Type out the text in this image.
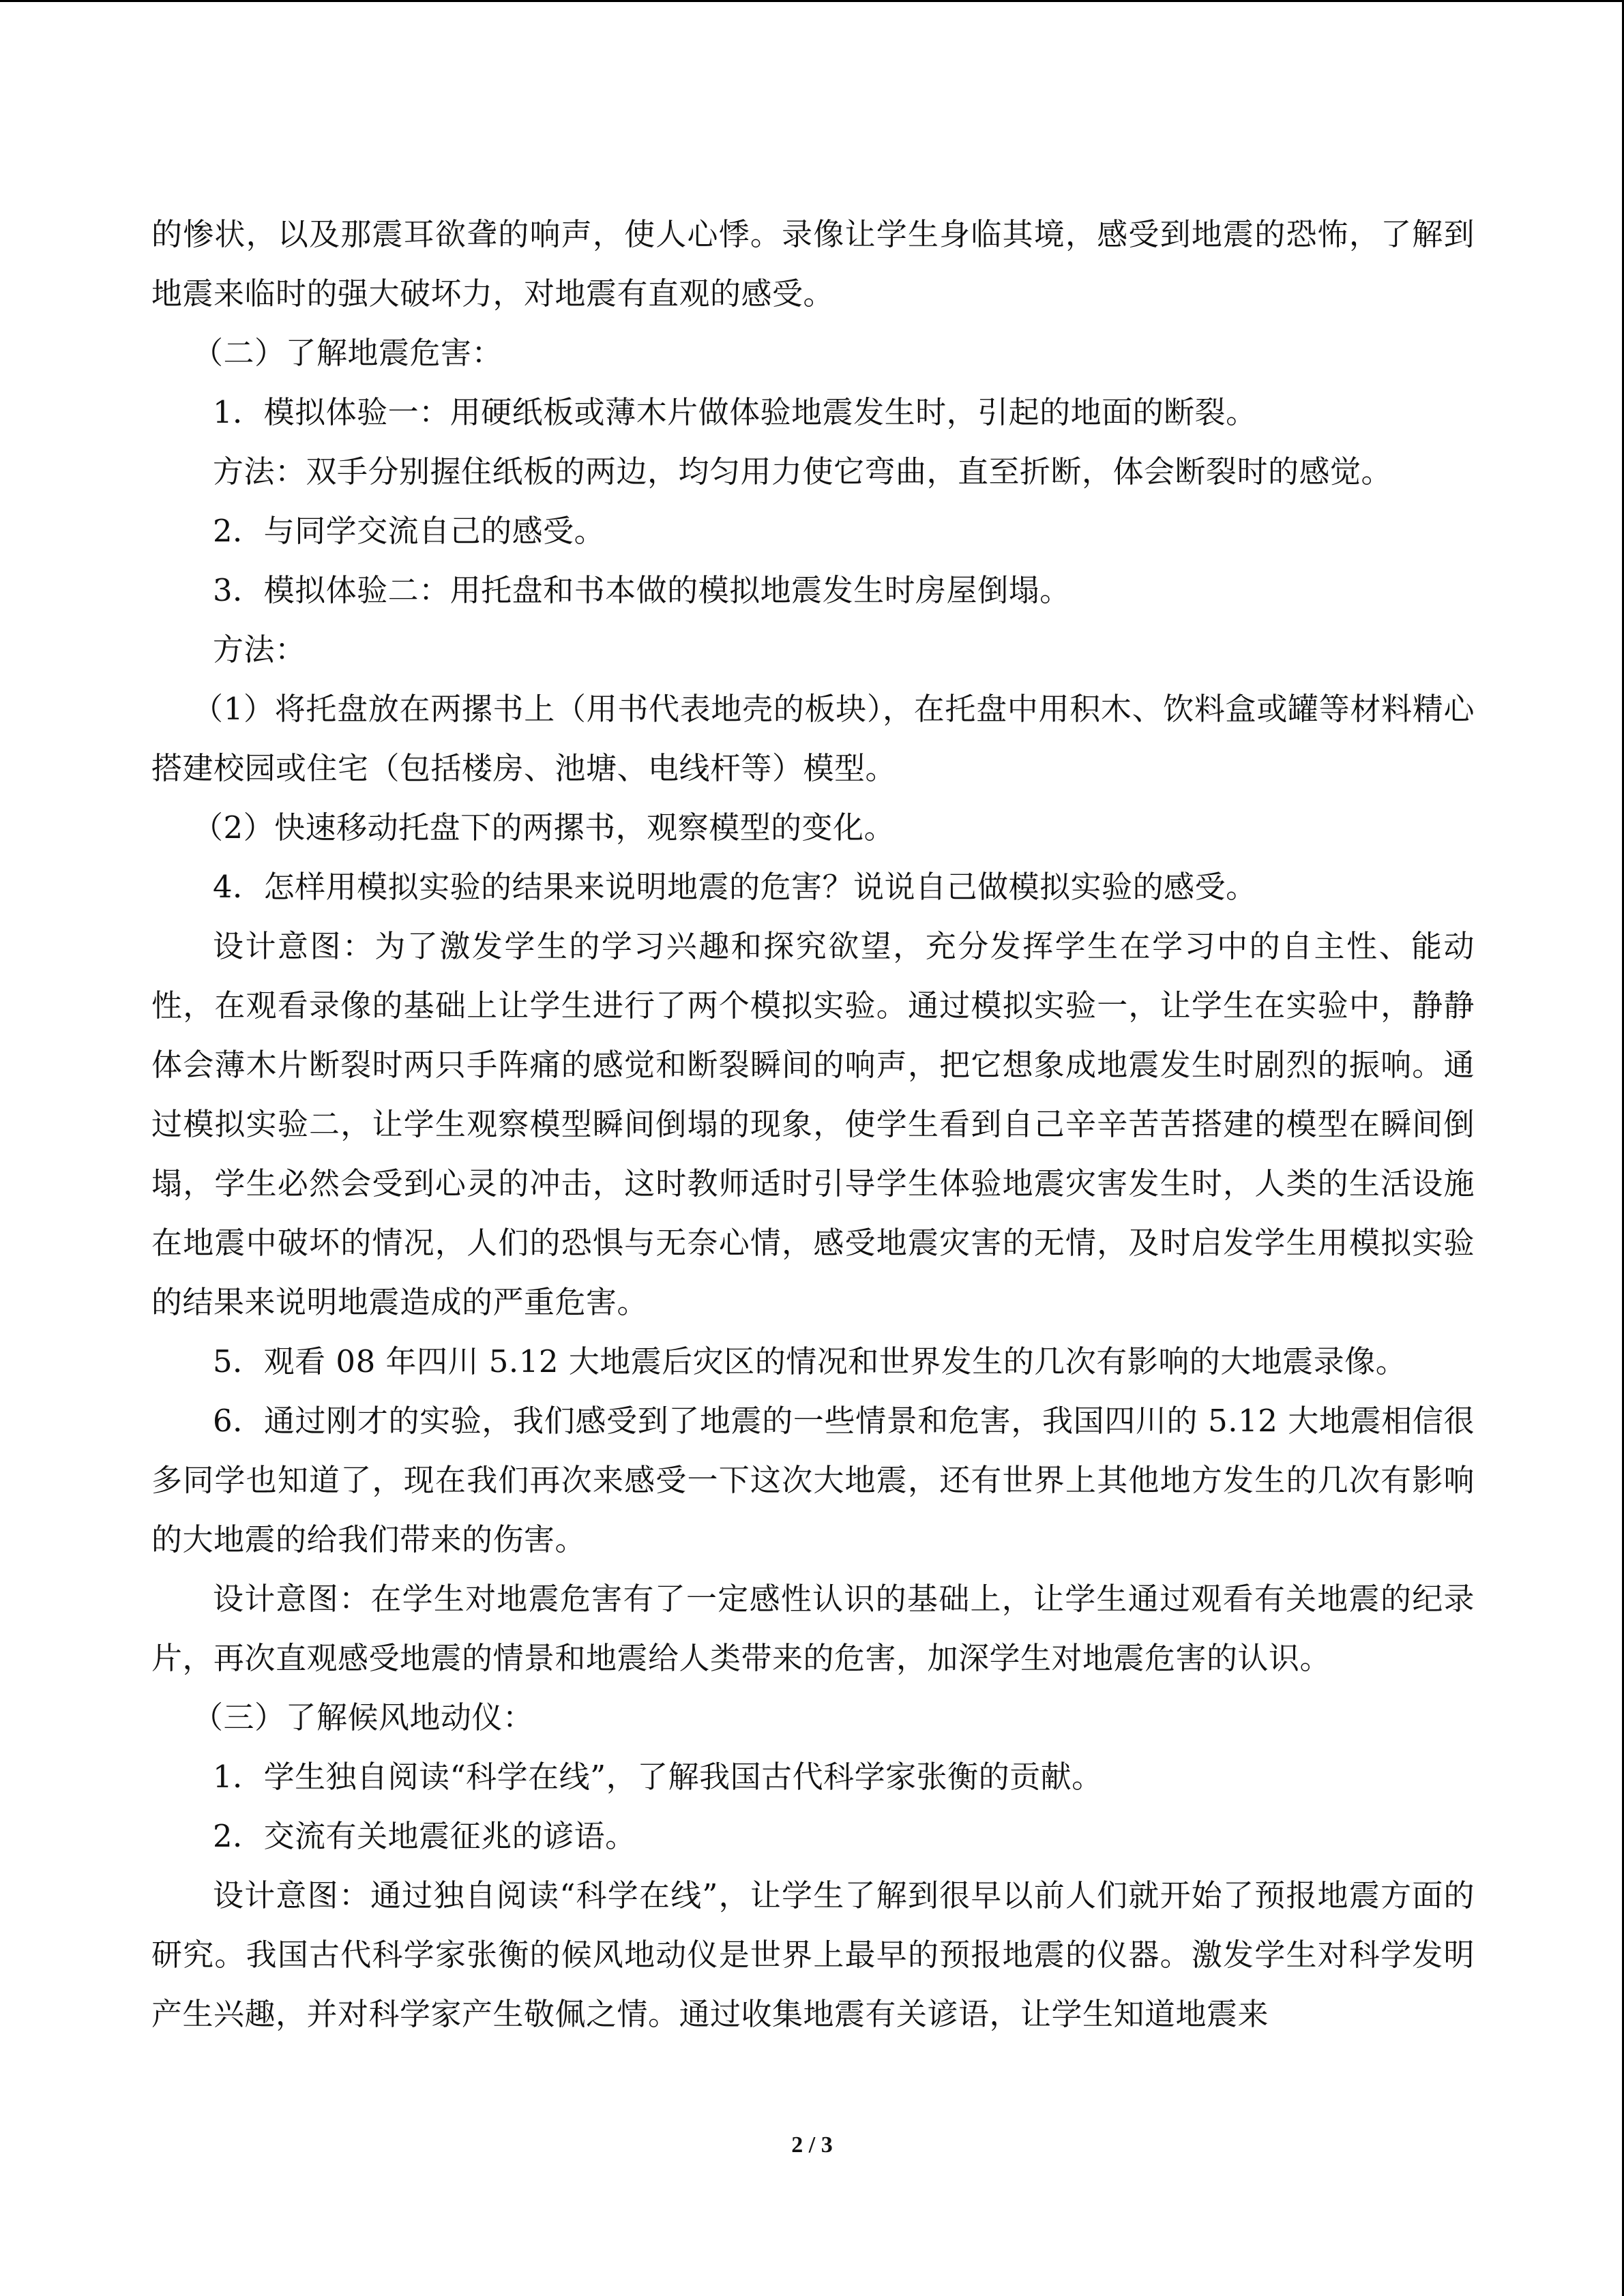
的惨状，以及那震耳欲聋的响声，使人心悸。录像让学生身临其境，感受到地震的恐怖，了解到地震来临时的强大破坏力，对地震有直观的感受。

（二）了解地震危害：

1．模拟体验一：用硬纸板或薄木片做体验地震发生时，引起的地面的断裂。

方法：双手分别握住纸板的两边，均匀用力使它弯曲，直至折断，体会断裂时的感觉。

2．与同学交流自己的感受。

3．模拟体验二：用托盘和书本做的模拟地震发生时房屋倒塌。

方法：

（1）将托盘放在两摞书上（用书代表地壳的板块），在托盘中用积木、饮料盒或罐等材料精心搭建校园或住宅（包括楼房、池塘、电线杆等）模型。

（2）快速移动托盘下的两摞书，观察模型的变化。

4．怎样用模拟实验的结果来说明地震的危害？说说自己做模拟实验的感受。

设计意图：为了激发学生的学习兴趣和探究欲望，充分发挥学生在学习中的自主性、能动性，在观看录像的基础上让学生进行了两个模拟实验。通过模拟实验一，让学生在实验中，静静体会薄木片断裂时两只手阵痛的感觉和断裂瞬间的响声，把它想象成地震发生时剧烈的振响。通过模拟实验二，让学生观察模型瞬间倒塌的现象，使学生看到自己辛辛苦苦搭建的模型在瞬间倒塌，学生必然会受到心灵的冲击，这时教师适时引导学生体验地震灾害发生时，人类的生活设施在地震中破坏的情况，人们的恐惧与无奈心情，感受地震灾害的无情，及时启发学生用模拟实验的结果来说明地震造成的严重危害。

5．观看 08 年四川 5.12 大地震后灾区的情况和世界发生的几次有影响的大地震录像。

6．通过刚才的实验，我们感受到了地震的一些情景和危害，我国四川的 5.12 大地震相信很多同学也知道了，现在我们再次来感受一下这次大地震，还有世界上其他地方发生的几次有影响的大地震的给我们带来的伤害。

设计意图：在学生对地震危害有了一定感性认识的基础上，让学生通过观看有关地震的纪录片，再次直观感受地震的情景和地震给人类带来的危害，加深学生对地震危害的认识。

（三）了解候风地动仪：

1．学生独自阅读“科学在线”，了解我国古代科学家张衡的贡献。

2．交流有关地震征兆的谚语。

设计意图：通过独自阅读“科学在线”，让学生了解到很早以前人们就开始了预报地震方面的研究。我国古代科学家张衡的候风地动仪是世界上最早的预报地震的仪器。激发学生对科学发明产生兴趣，并对科学家产生敬佩之情。通过收集地震有关谚语，让学生知道地震来

2 / 3
